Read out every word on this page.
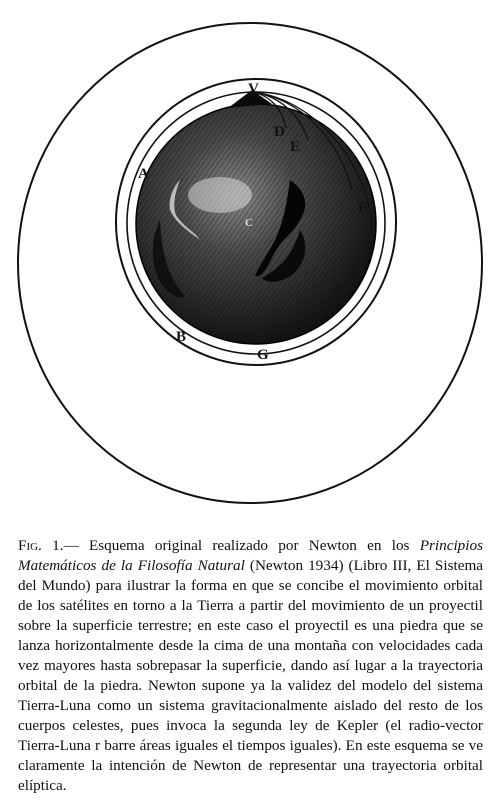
V
D
E
F
A
B
G
C
Fig. 1.— Esquema original realizado por Newton en los Principios Matemáticos de la Filosofía Natural (Newton 1934) (Libro III, El Sistema del Mundo) para ilustrar la forma en que se concibe el movimiento orbital de los satélites en torno a la Tierra a partir del movimiento de un proyectil sobre la superficie terrestre; en este caso el proyectil es una piedra que se lanza horizontalmente desde la cima de una montaña con velocidades cada vez mayores hasta sobrepasar la superficie, dando así lugar a la trayectoria orbital de la piedra. Newton supone ya la validez del modelo del sistema Tierra-Luna como un sistema gravitacionalmente aislado del resto de los cuerpos celestes, pues invoca la segunda ley de Kepler (el radio-vector Tierra-Luna r barre áreas iguales el tiempos iguales). En este esquema se ve claramente la intención de Newton de representar una trayectoria orbital elíptica.
